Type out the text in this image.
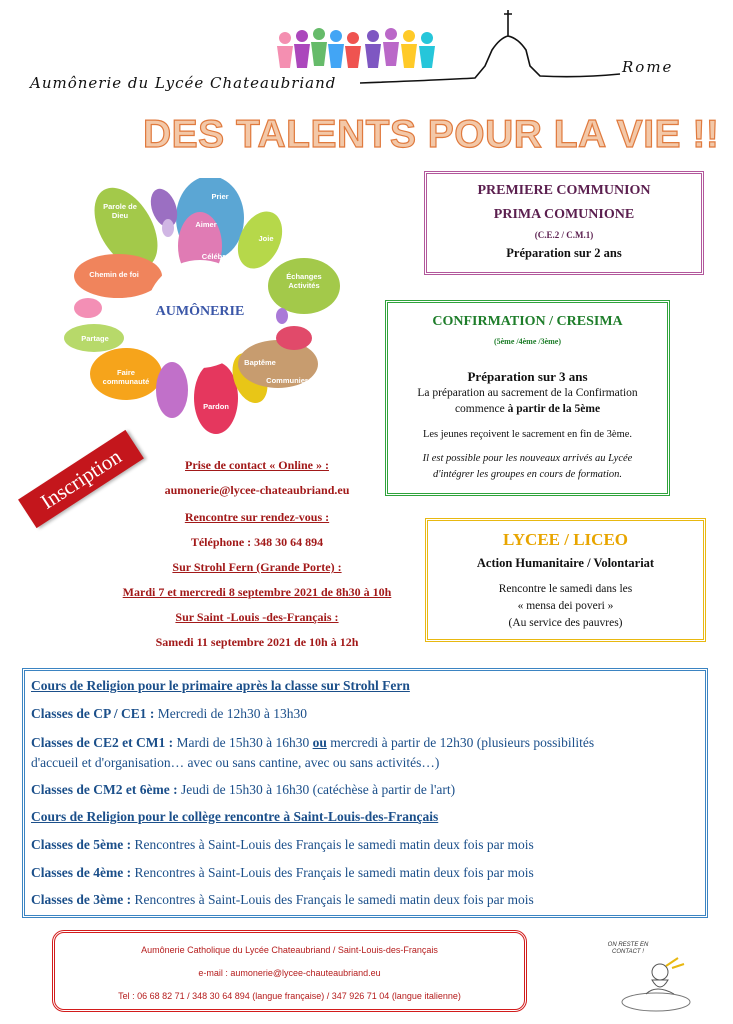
Aumônerie du Lycée Chateaubriand
Rome
DES TALENTS POUR LA VIE !!
Parole de Dieu
Prier
Aimer
Célébrer
Joie
Échanges Activités
Chemin de foi
Partage
Faire communauté
Pardon
Baptême
Communier
AUMÔNERIE
PREMIERE COMMUNION
PRIMA COMUNIONE
(C.E.2 / C.M.1)
Préparation sur 2 ans
CONFIRMATION / CRESIMA
(5ème /4ème /3ème)
Préparation sur 3 ans
La préparation au sacrement de la Confirmation
commence à partir de la 5ème
Les jeunes reçoivent le sacrement en fin de 3ème.
Il est possible pour les nouveaux arrivés au Lycée
d'intégrer les groupes en cours de formation.
Inscription	Prise de contact « Online » :
aumonerie@lycee-chateaubriand.eu
Rencontre sur rendez-vous :
Téléphone : 348 30 64 894
Sur Strohl Fern (Grande Porte) :
Mardi 7 et mercredi 8 septembre 2021 de 8h30 à 10h
Sur Saint -Louis -des-Français :
Samedi 11 septembre 2021 de 10h à 12h
LYCEE / LICEO
Action Humanitaire / Volontariat
Rencontre le samedi dans les
« mensa dei poveri »
(Au service des pauvres)
Cours de Religion pour le primaire après la classe sur Strohl Fern
Classes de CP / CE1 : Mercredi de 12h30 à 13h30
Classes de CE2 et CM1 : Mardi de 15h30 à 16h30 ou mercredi à partir de 12h30 (plusieurs possibilités
d'accueil et d'organisation… avec ou sans cantine, avec ou sans activités…)
Classes de CM2 et 6ème : Jeudi de 15h30 à 16h30 (catéchèse à partir de l'art)
Cours de Religion pour le collège rencontre à Saint-Louis-des-Français
Classes de 5ème : Rencontres à Saint-Louis des Français le samedi matin deux fois par mois
Classes de 4ème : Rencontres à Saint-Louis des Français le samedi matin deux fois par mois
Classes de 3ème : Rencontres à Saint-Louis des Français le samedi matin deux fois par mois
Aumônerie Catholique du Lycée Chateaubriand / Saint-Louis-des-Français
e-mail : aumonerie@lycee-chauteaubriand.eu
Tel : 06 68 82 71 / 348 30 64 894 (langue française) / 347 926 71 04 (langue italienne)
ON RESTE EN CONTACT !
